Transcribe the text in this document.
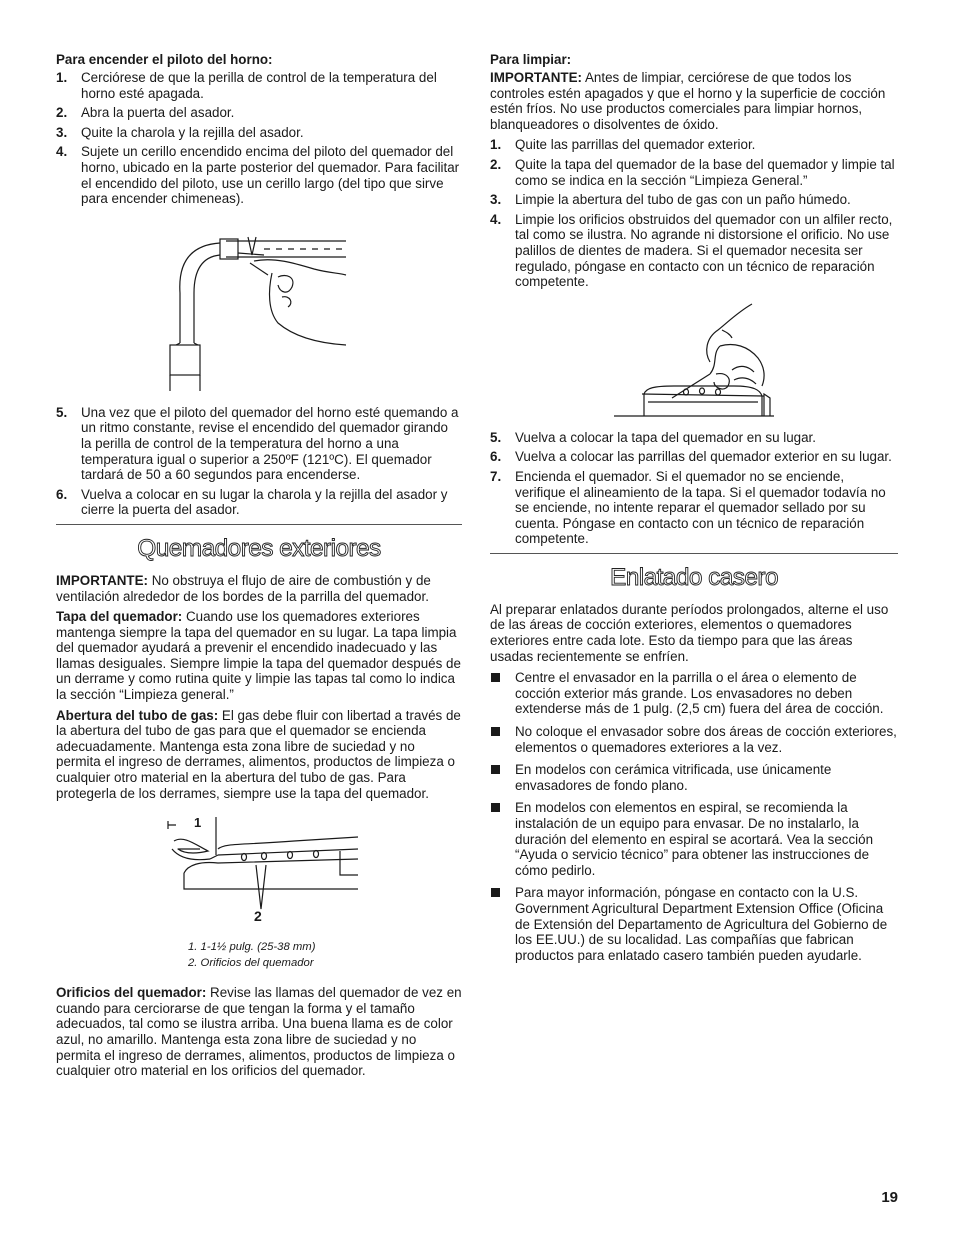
Para encender el piloto del horno:
1. Cerciórese de que la perilla de control de la temperatura del horno esté apagada.
2. Abra la puerta del asador.
3. Quite la charola y la rejilla del asador.
4. Sujete un cerillo encendido encima del piloto del quemador del horno, ubicado en la parte posterior del quemador. Para facilitar el encendido del piloto, use un cerillo largo (del tipo que sirve para encender chimeneas).
5. Una vez que el piloto del quemador del horno esté quemando a un ritmo constante, revise el encendido del quemador girando la perilla de control de la temperatura del horno a una temperatura igual o superior a 250ºF (121ºC). El quemador tardará de 50 a 60 segundos para encenderse.
6. Vuelva a colocar en su lugar la charola y la rejilla del asador y cierre la puerta del asador.
Quemadores exteriores

IMPORTANTE: No obstruya el flujo de aire de combustión y de ventilación alrededor de los bordes de la parrilla del quemador.

Tapa del quemador: Cuando use los quemadores exteriores mantenga siempre la tapa del quemador en su lugar. La tapa limpia del quemador ayudará a prevenir el encendido inadecuado y las llamas desiguales. Siempre limpie la tapa del quemador después de un derrame y como rutina quite y limpie las tapas tal como lo indica la sección “Limpieza general.”

Abertura del tubo de gas: El gas debe fluir con libertad a través de la abertura del tubo de gas para que el quemador se encienda adecuadamente. Mantenga esta zona libre de suciedad y no permita el ingreso de derrames, alimentos, productos de limpieza o cualquier otro material en la abertura del tubo de gas. Para protegerla de los derrames, siempre use la tapa del quemador.

1
2
1. 1-1½ pulg. (25-38 mm)
2. Orificios del quemador

Orificios del quemador: Revise las llamas del quemador de vez en cuando para cerciorarse de que tengan la forma y el tamaño adecuados, tal como se ilustra arriba. Una buena llama es de color azul, no amarillo. Mantenga esta zona libre de suciedad y no permita el ingreso de derrames, alimentos, productos de limpieza o cualquier otro material en los orificios del quemador.

Para limpiar:

IMPORTANTE: Antes de limpiar, cerciórese de que todos los controles estén apagados y que el horno y la superficie de cocción estén fríos. No use productos comerciales para limpiar hornos, blanqueadores o disolventes de óxido.

1. Quite las parrillas del quemador exterior.
2. Quite la tapa del quemador de la base del quemador y limpie tal como se indica en la sección “Limpieza General.”
3. Limpie la abertura del tubo de gas con un paño húmedo.
4. Limpie los orificios obstruidos del quemador con un alfiler recto, tal como se ilustra. No agrande ni distorsione el orificio. No use palillos de dientes de madera. Si el quemador necesita ser regulado, póngase en contacto con un técnico de reparación competente.
5. Vuelva a colocar la tapa del quemador en su lugar.
6. Vuelva a colocar las parrillas del quemador exterior en su lugar.
7. Encienda el quemador. Si el quemador no se enciende, verifique el alineamiento de la tapa. Si el quemador todavía no se enciende, no intente reparar el quemador sellado por su cuenta. Póngase en contacto con un técnico de reparación competente.
Enlatado casero

Al preparar enlatados durante períodos prolongados, alterne el uso de las áreas de cocción exteriores, elementos o quemadores exteriores entre cada lote. Esto da tiempo para que las áreas usadas recientemente se enfríen.

Centre el envasador en la parrilla o el área o elemento de cocción exterior más grande. Los envasadores no deben extenderse más de 1 pulg. (2,5 cm) fuera del área de cocción.
No coloque el envasador sobre dos áreas de cocción exteriores, elementos o quemadores exteriores a la vez.
En modelos con cerámica vitrificada, use únicamente envasadores de fondo plano.
En modelos con elementos en espiral, se recomienda la instalación de un equipo para envasar. De no instalarlo, la duración del elemento en espiral se acortará. Vea la sección “Ayuda o servicio técnico” para obtener las instrucciones de cómo pedirlo.
Para mayor información, póngase en contacto con la U.S. Government Agricultural Department Extension Office (Oficina de Extensión del Departamento de Agricultura del Gobierno de los EE.UU.) de su localidad. Las compañías que fabrican productos para enlatado casero también pueden ayudarle.
19
